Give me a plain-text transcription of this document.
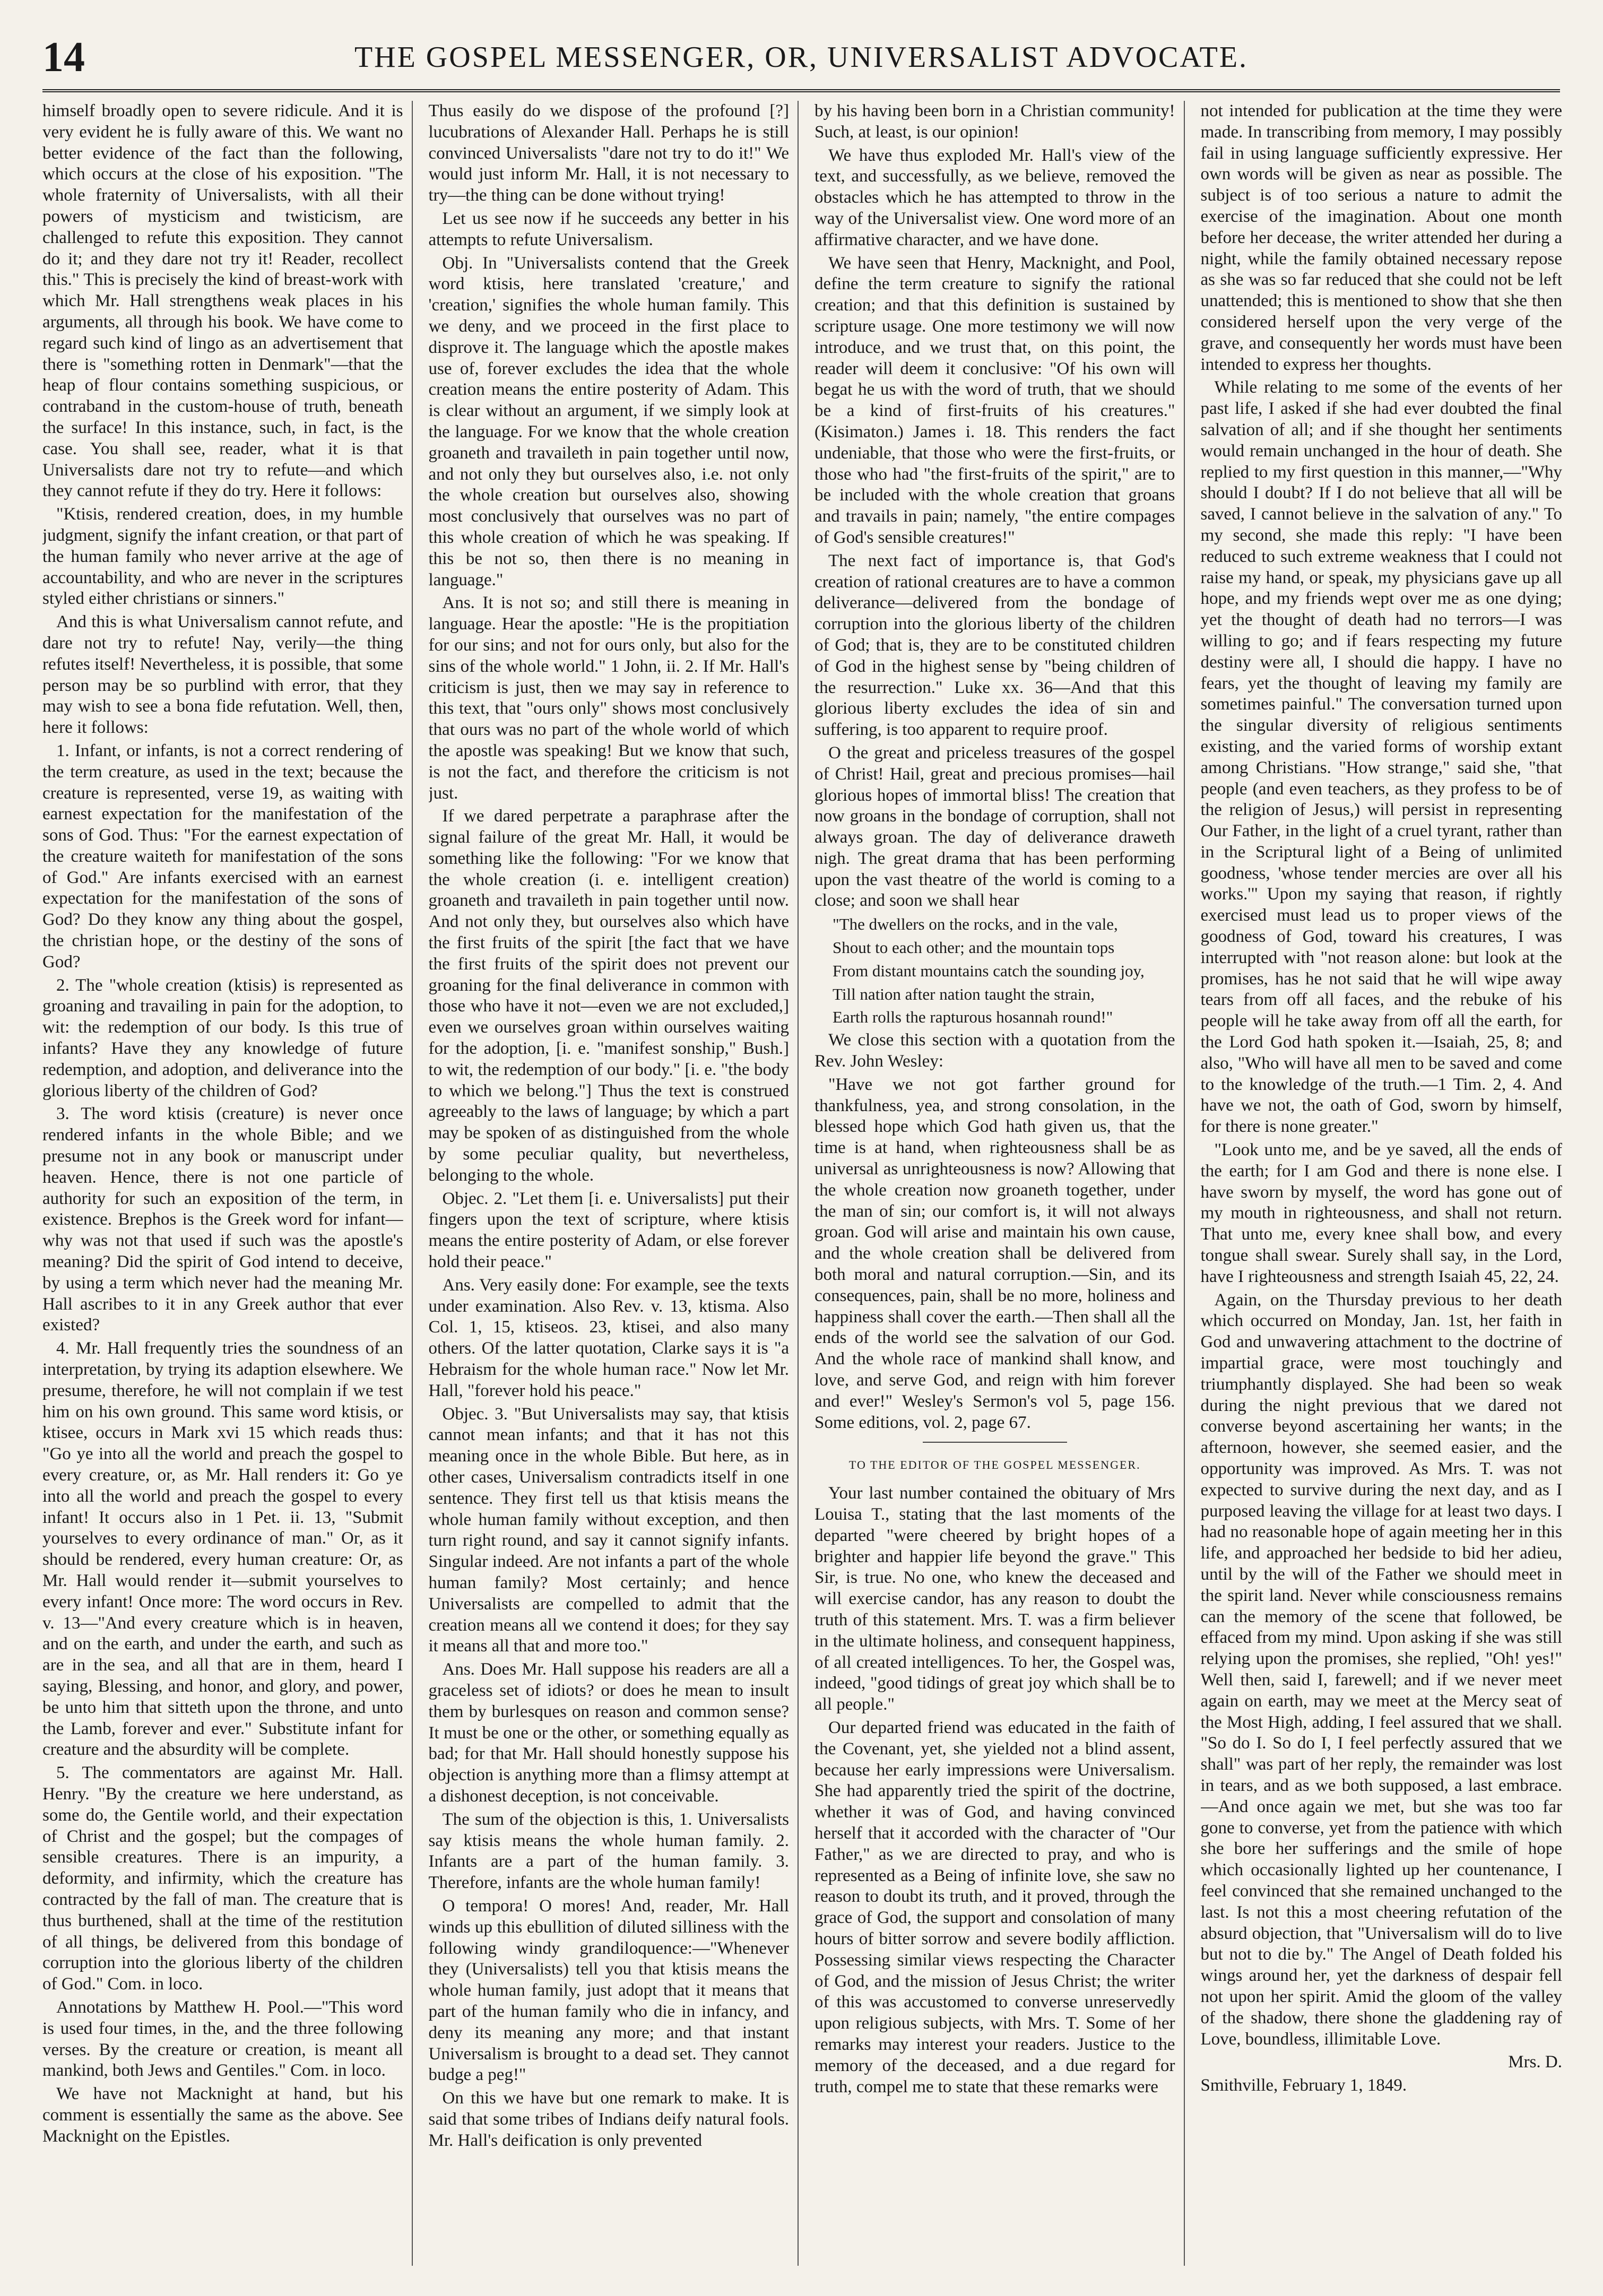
14	THE GOSPEL MESSENGER, OR, UNIVERSALIST ADVOCATE.

himself broadly open to severe ridicule. And it is very evident he is fully aware of this. We want no better evidence of the fact than the following, which occurs at the close of his exposition. "The whole fraternity of Universalists, with all their powers of mysticism and twisticism, are challenged to refute this exposition. They cannot do it; and they dare not try it! Reader, recollect this." This is precisely the kind of breast-work with which Mr. Hall strengthens weak places in his arguments, all through his book. We have come to regard such kind of lingo as an advertisement that there is "something rotten in Denmark"—that the heap of flour contains something suspicious, or contraband in the custom-house of truth, beneath the surface! In this instance, such, in fact, is the case. You shall see, reader, what it is that Universalists dare not try to refute—and which they cannot refute if they do try. Here it follows:

"Ktisis, rendered creation, does, in my humble judgment, signify the infant creation, or that part of the human family who never arrive at the age of accountability, and who are never in the scriptures styled either christians or sinners."

And this is what Universalism cannot refute, and dare not try to refute! Nay, verily—the thing refutes itself! Nevertheless, it is possible, that some person may be so purblind with error, that they may wish to see a bona fide refutation. Well, then, here it follows:

1. Infant, or infants, is not a correct rendering of the term creature, as used in the text; because the creature is represented, verse 19, as waiting with earnest expectation for the manifestation of the sons of God. Thus: "For the earnest expectation of the creature waiteth for manifestation of the sons of God." Are infants exercised with an earnest expectation for the manifestation of the sons of God? Do they know any thing about the gospel, the christian hope, or the destiny of the sons of God?

2. The "whole creation (ktisis) is represented as groaning and travailing in pain for the adoption, to wit: the redemption of our body. Is this true of infants? Have they any knowledge of future redemption, and adoption, and deliverance into the glorious liberty of the children of God?

3. The word ktisis (creature) is never once rendered infants in the whole Bible; and we presume not in any book or manuscript under heaven. Hence, there is not one particle of authority for such an exposition of the term, in existence. Brephos is the Greek word for infant—why was not that used if such was the apostle's meaning? Did the spirit of God intend to deceive, by using a term which never had the meaning Mr. Hall ascribes to it in any Greek author that ever existed?

4. Mr. Hall frequently tries the soundness of an interpretation, by trying its adaption elsewhere. We presume, therefore, he will not complain if we test him on his own ground. This same word ktisis, or ktisee, occurs in Mark xvi 15 which reads thus: "Go ye into all the world and preach the gospel to every creature, or, as Mr. Hall renders it: Go ye into all the world and preach the gospel to every infant! It occurs also in 1 Pet. ii. 13, "Submit yourselves to every ordinance of man." Or, as it should be rendered, every human creature: Or, as Mr. Hall would render it—submit yourselves to every infant! Once more: The word occurs in Rev. v. 13—"And every creature which is in heaven, and on the earth, and under the earth, and such as are in the sea, and all that are in them, heard I saying, Blessing, and honor, and glory, and power, be unto him that sitteth upon the throne, and unto the Lamb, forever and ever." Substitute infant for creature and the absurdity will be complete.

5. The commentators are against Mr. Hall. Henry. "By the creature we here understand, as some do, the Gentile world, and their expectation of Christ and the gospel; but the compages of sensible creatures. There is an impurity, a deformity, and infirmity, which the creature has contracted by the fall of man. The creature that is thus burthened, shall at the time of the restitution of all things, be delivered from this bondage of corruption into the glorious liberty of the children of God." Com. in loco.

Annotations by Matthew H. Pool.—"This word is used four times, in the, and the three following verses. By the creature or creation, is meant all mankind, both Jews and Gentiles." Com. in loco.

We have not Macknight at hand, but his comment is essentially the same as the above. See Macknight on the Epistles.

Thus easily do we dispose of the profound [?] lucubrations of Alexander Hall. Perhaps he is still convinced Universalists "dare not try to do it!" We would just inform Mr. Hall, it is not necessary to try—the thing can be done without trying!

Let us see now if he succeeds any better in his attempts to refute Universalism.

Obj. In "Universalists contend that the Greek word ktisis, here translated 'creature,' and 'creation,' signifies the whole human family. This we deny, and we proceed in the first place to disprove it. The language which the apostle makes use of, forever excludes the idea that the whole creation means the entire posterity of Adam. This is clear without an argument, if we simply look at the language. For we know that the whole creation groaneth and travaileth in pain together until now, and not only they but ourselves also, i.e. not only the whole creation but ourselves also, showing most conclusively that ourselves was no part of this whole creation of which he was speaking. If this be not so, then there is no meaning in language."

Ans. It is not so; and still there is meaning in language. Hear the apostle: "He is the propitiation for our sins; and not for ours only, but also for the sins of the whole world." 1 John, ii. 2. If Mr. Hall's criticism is just, then we may say in reference to this text, that "ours only" shows most conclusively that ours was no part of the whole world of which the apostle was speaking! But we know that such, is not the fact, and therefore the criticism is not just.

If we dared perpetrate a paraphrase after the signal failure of the great Mr. Hall, it would be something like the following: "For we know that the whole creation (i. e. intelligent creation) groaneth and travaileth in pain together until now. And not only they, but ourselves also which have the first fruits of the spirit [the fact that we have the first fruits of the spirit does not prevent our groaning for the final deliverance in common with those who have it not—even we are not excluded,] even we ourselves groan within ourselves waiting for the adoption, [i. e. "manifest sonship," Bush.] to wit, the redemption of our body." [i. e. "the body to which we belong."] Thus the text is construed agreeably to the laws of language; by which a part may be spoken of as distinguished from the whole by some peculiar quality, but nevertheless, belonging to the whole.

Objec. 2. "Let them [i. e. Universalists] put their fingers upon the text of scripture, where ktisis means the entire posterity of Adam, or else forever hold their peace."

Ans. Very easily done: For example, see the texts under examination. Also Rev. v. 13, ktisma. Also Col. 1, 15, ktiseos. 23, ktisei, and also many others. Of the latter quotation, Clarke says it is "a Hebraism for the whole human race." Now let Mr. Hall, "forever hold his peace."

Objec. 3. "But Universalists may say, that ktisis cannot mean infants; and that it has not this meaning once in the whole Bible. But here, as in other cases, Universalism contradicts itself in one sentence. They first tell us that ktisis means the whole human family without exception, and then turn right round, and say it cannot signify infants. Singular indeed. Are not infants a part of the whole human family? Most certainly; and hence Universalists are compelled to admit that the creation means all we contend it does; for they say it means all that and more too."

Ans. Does Mr. Hall suppose his readers are all a graceless set of idiots? or does he mean to insult them by burlesques on reason and common sense? It must be one or the other, or something equally as bad; for that Mr. Hall should honestly suppose his objection is anything more than a flimsy attempt at a dishonest deception, is not conceivable.

The sum of the objection is this, 1. Universalists say ktisis means the whole human family. 2. Infants are a part of the human family. 3. Therefore, infants are the whole human family!

O tempora! O mores! And, reader, Mr. Hall winds up this ebullition of diluted silliness with the following windy grandiloquence:—"Whenever they (Universalists) tell you that ktisis means the whole human family, just adopt that it means that part of the human family who die in infancy, and deny its meaning any more; and that instant Universalism is brought to a dead set. They cannot budge a peg!"

On this we have but one remark to make. It is said that some tribes of Indians deify natural fools. Mr. Hall's deification is only prevented

by his having been born in a Christian community! Such, at least, is our opinion!

We have thus exploded Mr. Hall's view of the text, and successfully, as we believe, removed the obstacles which he has attempted to throw in the way of the Universalist view. One word more of an affirmative character, and we have done.

We have seen that Henry, Macknight, and Pool, define the term creature to signify the rational creation; and that this definition is sustained by scripture usage. One more testimony we will now introduce, and we trust that, on this point, the reader will deem it conclusive: "Of his own will begat he us with the word of truth, that we should be a kind of first-fruits of his creatures." (Kisimaton.) James i. 18. This renders the fact undeniable, that those who were the first-fruits, or those who had "the first-fruits of the spirit," are to be included with the whole creation that groans and travails in pain; namely, "the entire compages of God's sensible creatures!"

The next fact of importance is, that God's creation of rational creatures are to have a common deliverance—delivered from the bondage of corruption into the glorious liberty of the children of God; that is, they are to be constituted children of God in the highest sense by "being children of the resurrection." Luke xx. 36—And that this glorious liberty excludes the idea of sin and suffering, is too apparent to require proof.

O the great and priceless treasures of the gospel of Christ! Hail, great and precious promises—hail glorious hopes of immortal bliss! The creation that now groans in the bondage of corruption, shall not always groan. The day of deliverance draweth nigh. The great drama that has been performing upon the vast theatre of the world is coming to a close; and soon we shall hear

"The dwellers on the rocks, and in the vale,

Shout to each other; and the mountain tops

From distant mountains catch the sounding joy,

Till nation after nation taught the strain,

Earth rolls the rapturous hosannah round!"

We close this section with a quotation from the Rev. John Wesley:

"Have we not got farther ground for thankfulness, yea, and strong consolation, in the blessed hope which God hath given us, that the time is at hand, when righteousness shall be as universal as unrighteousness is now? Allowing that the whole creation now groaneth together, under the man of sin; our comfort is, it will not always groan. God will arise and maintain his own cause, and the whole creation shall be delivered from both moral and natural corruption.—Sin, and its consequences, pain, shall be no more, holiness and happiness shall cover the earth.—Then shall all the ends of the world see the salvation of our God. And the whole race of mankind shall know, and love, and serve God, and reign with him forever and ever!" Wesley's Sermon's vol 5, page 156. Some editions, vol. 2, page 67.

TO THE EDITOR OF THE GOSPEL MESSENGER.

Your last number contained the obituary of Mrs Louisa T., stating that the last moments of the departed "were cheered by bright hopes of a brighter and happier life beyond the grave." This Sir, is true. No one, who knew the deceased and will exercise candor, has any reason to doubt the truth of this statement. Mrs. T. was a firm believer in the ultimate holiness, and consequent happiness, of all created intelligences. To her, the Gospel was, indeed, "good tidings of great joy which shall be to all people."

Our departed friend was educated in the faith of the Covenant, yet, she yielded not a blind assent, because her early impressions were Universalism. She had apparently tried the spirit of the doctrine, whether it was of God, and having convinced herself that it accorded with the character of "Our Father," as we are directed to pray, and who is represented as a Being of infinite love, she saw no reason to doubt its truth, and it proved, through the grace of God, the support and consolation of many hours of bitter sorrow and severe bodily affliction. Possessing similar views respecting the Character of God, and the mission of Jesus Christ; the writer of this was accustomed to converse unreservedly upon religious subjects, with Mrs. T. Some of her remarks may interest your readers. Justice to the memory of the deceased, and a due regard for truth, compel me to state that these remarks were

not intended for publication at the time they were made. In transcribing from memory, I may possibly fail in using language sufficiently expressive. Her own words will be given as near as possible. The subject is of too serious a nature to admit the exercise of the imagination. About one month before her decease, the writer attended her during a night, while the family obtained necessary repose as she was so far reduced that she could not be left unattended; this is mentioned to show that she then considered herself upon the very verge of the grave, and consequently her words must have been intended to express her thoughts.

While relating to me some of the events of her past life, I asked if she had ever doubted the final salvation of all; and if she thought her sentiments would remain unchanged in the hour of death. She replied to my first question in this manner,—"Why should I doubt? If I do not believe that all will be saved, I cannot believe in the salvation of any." To my second, she made this reply: "I have been reduced to such extreme weakness that I could not raise my hand, or speak, my physicians gave up all hope, and my friends wept over me as one dying; yet the thought of death had no terrors—I was willing to go; and if fears respecting my future destiny were all, I should die happy. I have no fears, yet the thought of leaving my family are sometimes painful." The conversation turned upon the singular diversity of religious sentiments existing, and the varied forms of worship extant among Christians. "How strange," said she, "that people (and even teachers, as they profess to be of the religion of Jesus,) will persist in representing Our Father, in the light of a cruel tyrant, rather than in the Scriptural light of a Being of unlimited goodness, 'whose tender mercies are over all his works.'" Upon my saying that reason, if rightly exercised must lead us to proper views of the goodness of God, toward his creatures, I was interrupted with "not reason alone: but look at the promises, has he not said that he will wipe away tears from off all faces, and the rebuke of his people will he take away from off all the earth, for the Lord God hath spoken it.—Isaiah, 25, 8; and also, "Who will have all men to be saved and come to the knowledge of the truth.—1 Tim. 2, 4. And have we not, the oath of God, sworn by himself, for there is none greater."

"Look unto me, and be ye saved, all the ends of the earth; for I am God and there is none else. I have sworn by myself, the word has gone out of my mouth in righteousness, and shall not return. That unto me, every knee shall bow, and every tongue shall swear. Surely shall say, in the Lord, have I righteousness and strength Isaiah 45, 22, 24.

Again, on the Thursday previous to her death which occurred on Monday, Jan. 1st, her faith in God and unwavering attachment to the doctrine of impartial grace, were most touchingly and triumphantly displayed. She had been so weak during the night previous that we dared not converse beyond ascertaining her wants; in the afternoon, however, she seemed easier, and the opportunity was improved. As Mrs. T. was not expected to survive during the next day, and as I purposed leaving the village for at least two days. I had no reasonable hope of again meeting her in this life, and approached her bedside to bid her adieu, until by the will of the Father we should meet in the spirit land. Never while consciousness remains can the memory of the scene that followed, be effaced from my mind. Upon asking if she was still relying upon the promises, she replied, "Oh! yes!" Well then, said I, farewell; and if we never meet again on earth, may we meet at the Mercy seat of the Most High, adding, I feel assured that we shall. "So do I. So do I, I feel perfectly assured that we shall" was part of her reply, the remainder was lost in tears, and as we both supposed, a last embrace.—And once again we met, but she was too far gone to converse, yet from the patience with which she bore her sufferings and the smile of hope which occasionally lighted up her countenance, I feel convinced that she remained unchanged to the last. Is not this a most cheering refutation of the absurd objection, that "Universalism will do to live but not to die by." The Angel of Death folded his wings around her, yet the darkness of despair fell not upon her spirit. Amid the gloom of the valley of the shadow, there shone the gladdening ray of Love, boundless, illimitable Love.

Mrs. D.

Smithville, February 1, 1849.
